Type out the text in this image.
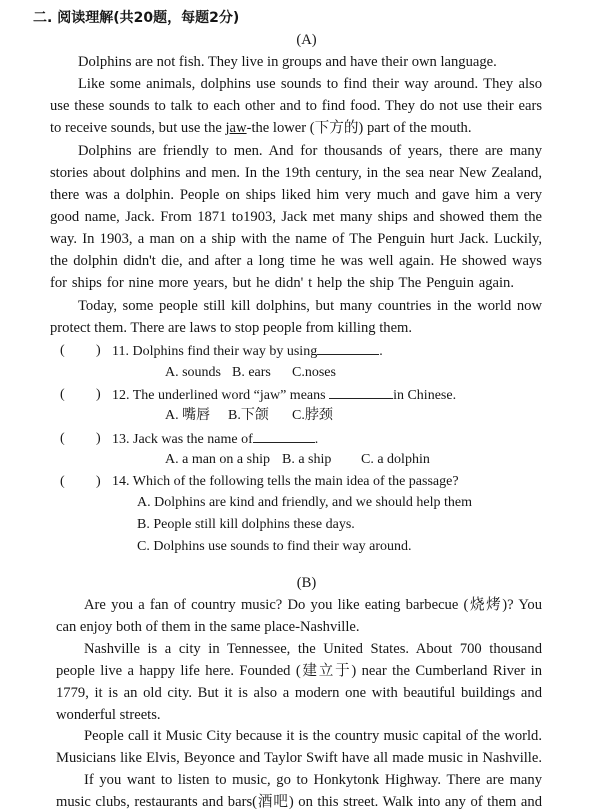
二. 阅读理解(共20题，每题2分)
(A)
Dolphins are not fish. They live in groups and have their own language.
Like some animals, dolphins use sounds to find their way around. They also
use these sounds to talk to each other and to find food. They do not use their ears
to receive sounds, but use the jaw-the lower (下方的) part of the mouth.
Dolphins are friendly to men. And for thousands of years, there are many
stories about dolphins and men. In the 19th century, in the sea near New Zealand,
there was a dolphin. People on ships liked him very much and gave him a very
good name, Jack. From 1871 to1903, Jack met many ships and showed them the
way. In 1903, a man on a ship with the name of The Penguin hurt Jack. Luckily,
the dolphin didn't die, and after a long time he was well again. He showed ways
for ships for nine more years, but he didn' t help the ship The Penguin again.
Today, some people still kill dolphins, but many countries in the world now
protect them. There are laws to stop people from killing them.
( ) 11. Dolphins find their way by using	.
A. sounds B. ears C.noses
( ) 12. The underlined word “jaw” means	in Chinese.
A. 嘴唇 B.下颌 C.脖颈
( ) 13. Jack was the name of	.
A. a man on a ship B. a ship C. a dolphin
( ) 14. Which of the following tells the main idea of the passage?
A. Dolphins are kind and friendly, and we should help them
B. People still kill dolphins these days.
C. Dolphins use sounds to find their way around.
(B)
Are you a fan of country music? Do you like eating barbecue (烧烤)? You
can enjoy both of them in the same place-Nashville.
Nashville is a city in Tennessee, the United States. About 700 thousand
people live a happy life here. Founded (建立于) near the Cumberland River in
1779, it is an old city. But it is also a modern one with beautiful buildings and
wonderful streets.
People call it Music City because it is the country music capital of the world.
Musicians like Elvis, Beyonce and Taylor Swift have all made music in Nashville.
If you want to listen to music, go to Honkytonk Highway. There are many
music clubs, restaurants and bars(酒吧) on this street. Walk into any of them and
